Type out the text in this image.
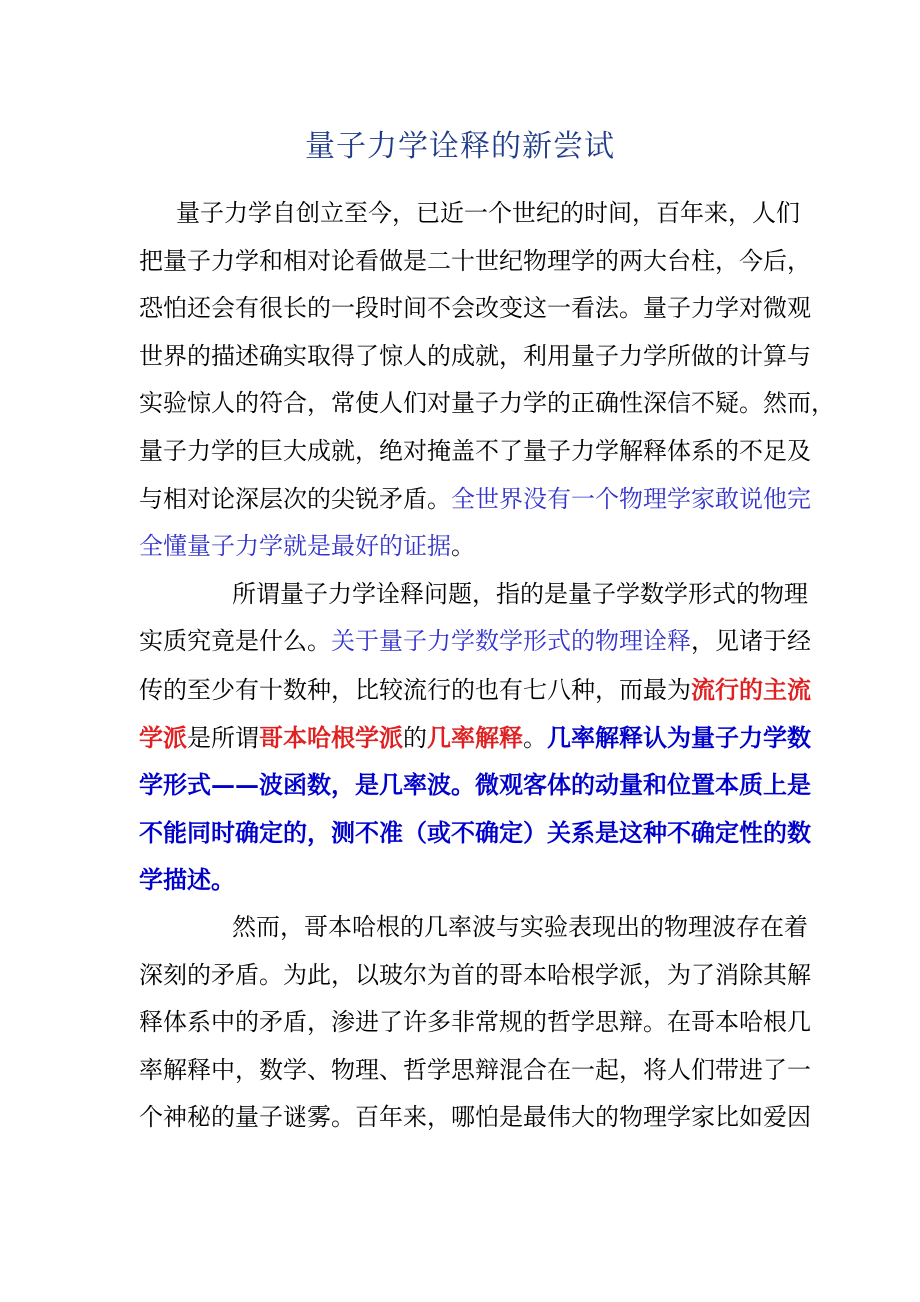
量子力学诠释的新尝试
量子力学自创立至今，已近一个世纪的时间，百年来，人们
把量子力学和相对论看做是二十世纪物理学的两大台柱，今后，
恐怕还会有很长的一段时间不会改变这一看法。量子力学对微观
世界的描述确实取得了惊人的成就，利用量子力学所做的计算与
实验惊人的符合，常使人们对量子力学的正确性深信不疑。然而，
量子力学的巨大成就，绝对掩盖不了量子力学解释体系的不足及
与相对论深层次的尖锐矛盾。全世界没有一个物理学家敢说他完
全懂量子力学就是最好的证据。
所谓量子力学诠释问题，指的是量子学数学形式的物理
实质究竟是什么。关于量子力学数学形式的物理诠释，见诸于经
传的至少有十数种，比较流行的也有七八种，而最为流行的主流
学派是所谓哥本哈根学派的几率解释。几率解释认为量子力学数
学形式——波函数，是几率波。微观客体的动量和位置本质上是
不能同时确定的，测不准（或不确定）关系是这种不确定性的数
学描述。
然而，哥本哈根的几率波与实验表现出的物理波存在着
深刻的矛盾。为此，以玻尔为首的哥本哈根学派，为了消除其解
释体系中的矛盾，渗进了许多非常规的哲学思辩。在哥本哈根几
率解释中，数学、物理、哲学思辩混合在一起，将人们带进了一
个神秘的量子谜雾。百年来，哪怕是最伟大的物理学家比如爱因
